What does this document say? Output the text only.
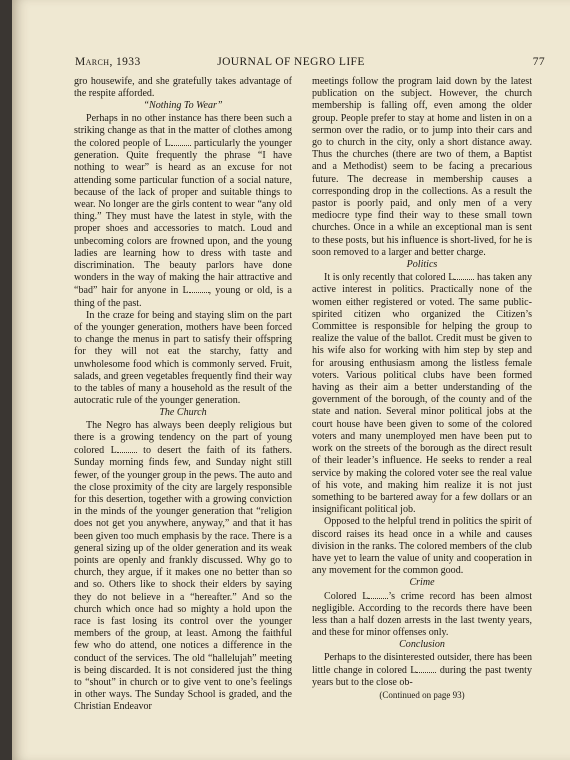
March, 1933	JOURNAL OF NEGRO LIFE	77

gro housewife, and she gratefully takes advantage of the respite afforded.

“Nothing To Wear”

Perhaps in no other instance has there been such a striking change as that in the matter of clothes among the colored people of L particularly the younger generation. Quite frequently the phrase “I have nothing to wear” is heard as an excuse for not attending some particular function of a social nature, because of the lack of proper and suitable things to wear. No longer are the girls content to wear “any old thing.” They must have the latest in style, with the proper shoes and accessories to match. Loud and unbecoming colors are frowned upon, and the young ladies are learning how to dress with taste and discrimination. The beauty parlors have done wonders in the way of making the hair attractive and “bad” hair for anyone in L , young or old, is a thing of the past.

In the craze for being and staying slim on the part of the younger generation, mothers have been forced to change the menus in part to satisfy their offspring for they will not eat the starchy, fatty and unwholesome food which is commonly served. Fruit, salads, and green vegetables frequently find their way to the tables of many a household as the result of the autocratic rule of the younger generation.

The Church

The Negro has always been deeply religious but there is a growing tendency on the part of young colored L to desert the faith of its fathers. Sunday morning finds few, and Sunday night still fewer, of the younger group in the pews. The auto and the close proximity of the city are largely responsible for this desertion, together with a growing conviction in the minds of the younger generation that “religion does not get you anywhere, anyway,” and that it has been given too much emphasis by the race. There is a general sizing up of the older generation and its weak points are openly and frankly discussed. Why go to church, they argue, if it makes one no better than so and so. Others like to shock their elders by saying they do not believe in a “hereafter.” And so the church which once had so mighty a hold upon the race is fast losing its control over the younger members of the group, at least. Among the faithful few who do attend, one notices a difference in the conduct of the services. The old “hallelujah” meeting is being discarded. It is not considered just the thing to “shout” in church or to give vent to one’s feelings in other ways. The Sunday School is graded, and the Christian Endeavor

meetings follow the program laid down by the latest publication on the subject. However, the church membership is falling off, even among the older group. People prefer to stay at home and listen in on a sermon over the radio, or to jump into their cars and go to church in the city, only a short distance away. Thus the churches (there are two of them, a Baptist and a Methodist) seem to be facing a precarious future. The decrease in membership causes a corresponding drop in the collections. As a result the pastor is poorly paid, and only men of a very mediocre type find their way to these small town churches. Once in a while an exceptional man is sent to these posts, but his influence is short-lived, for he is soon removed to a larger and better charge.

Politics

It is only recently that colored L has taken any active interest in politics. Practically none of the women either registered or voted. The same public-spirited citizen who organized the Citizen’s Committee is responsible for helping the group to realize the value of the ballot. Credit must be given to his wife also for working with him step by step and for arousing enthusiasm among the listless female voters. Various political clubs have been formed having as their aim a better understanding of the government of the borough, of the county and of the state and nation. Several minor political jobs at the court house have been given to some of the colored voters and many unemployed men have been put to work on the streets of the borough as the direct result of their leader’s influence. He seeks to render a real service by making the colored voter see the real value of his vote, and making him realize it is not just something to be bartered away for a few dollars or an insignificant political job.

Opposed to the helpful trend in politics the spirit of discord raises its head once in a while and causes division in the ranks. The colored members of the club have yet to learn the value of unity and cooperation in any movement for the common good.

Crime

Colored L ’s crime record has been almost negligible. According to the records there have been less than a half dozen arrests in the last twenty years, and these for minor offenses only.

Conclusion

Perhaps to the disinterested outsider, there has been little change in colored L during the past twenty years but to the close ob-

(Continued on page 93)
